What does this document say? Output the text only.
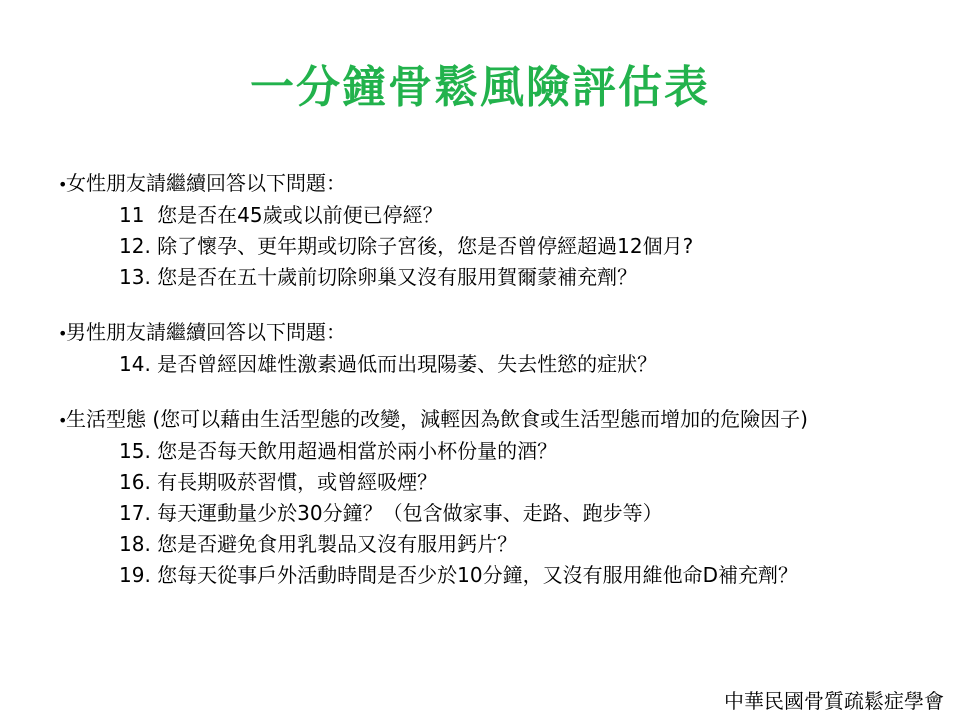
一分鐘骨鬆風險評估表
•女性朋友請繼續回答以下問題：
11 您是否在45歲或以前便已停經？
12. 除了懷孕、更年期或切除子宮後，您是否曾停經超過12個月?
13. 您是否在五十歲前切除卵巢又沒有服用賀爾蒙補充劑？
•男性朋友請繼續回答以下問題：
14. 是否曾經因雄性激素過低而出現陽萎、失去性慾的症狀？
•生活型態 (您可以藉由生活型態的改變，減輕因為飲食或生活型態而增加的危險因子)
15. 您是否每天飲用超過相當於兩小杯份量的酒？
16. 有長期吸菸習慣，或曾經吸煙？
17. 每天運動量少於30分鐘？（包含做家事、走路、跑步等）
18. 您是否避免食用乳製品又沒有服用鈣片？
19. 您每天從事戶外活動時間是否少於10分鐘，又沒有服用維他命D補充劑？
中華民國骨質疏鬆症學會
